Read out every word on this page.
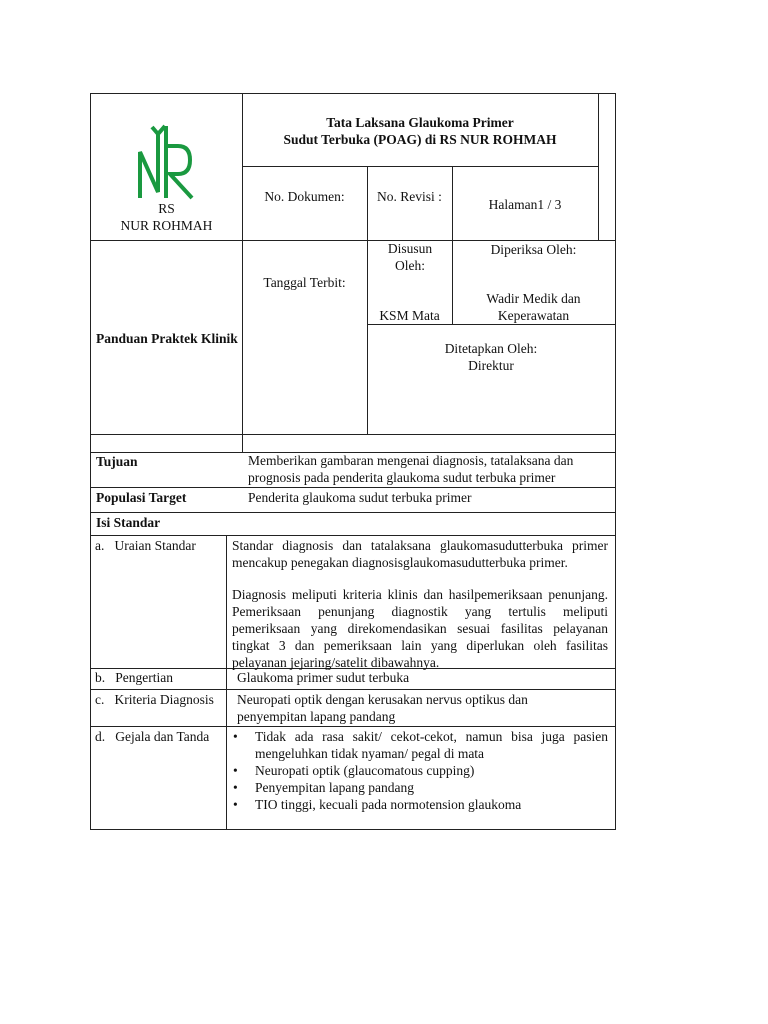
RS
NUR ROHMAH
Tata Laksana Glaukoma Primer
Sudut Terbuka (POAG) di RS NUR ROHMAH
No. Dokumen:	No. Revisi :
Halaman1 / 3
Panduan Praktek Klinik
Tanggal Terbit:
Disusun Oleh:
KSM Mata
Diperiksa Oleh:
Wadir Medik dan Keperawatan
Ditetapkan Oleh:
Direktur
Tujuan	Memberikan gambaran mengenai diagnosis, tatalaksana dan prognosis pada penderita glaukoma sudut terbuka primer
Populasi Target	Penderita glaukoma sudut terbuka primer
Isi Standar
a.   Uraian Standar	Standar diagnosis dan tatalaksana glaukomasudutterbuka primer mencakup penegakan diagnosisglaukomasudutterbuka primer.
Diagnosis meliputi kriteria klinis dan hasilpemeriksaan penunjang. Pemeriksaan penunjang diagnostik yang tertulis meliputi pemeriksaan yang direkomendasikan sesuai fasilitas pelayanan tingkat 3 dan pemeriksaan lain yang diperlukan oleh fasilitas pelayanan jejaring/satelit dibawahnya.
b.   Pengertian	Glaukoma primer sudut terbuka
c.   Kriteria Diagnosis	Neuropati optik dengan kerusakan nervus optikus dan penyempitan lapang pandang
d.   Gejala dan Tanda
•	Tidak ada rasa sakit/ cekot-cekot, namun bisa juga pasien mengeluhkan tidak nyaman/ pegal di mata
• Neuropati optik (glaucomatous cupping)
• Penyempitan lapang pandang
• TIO tinggi, kecuali pada normotension glaukoma
